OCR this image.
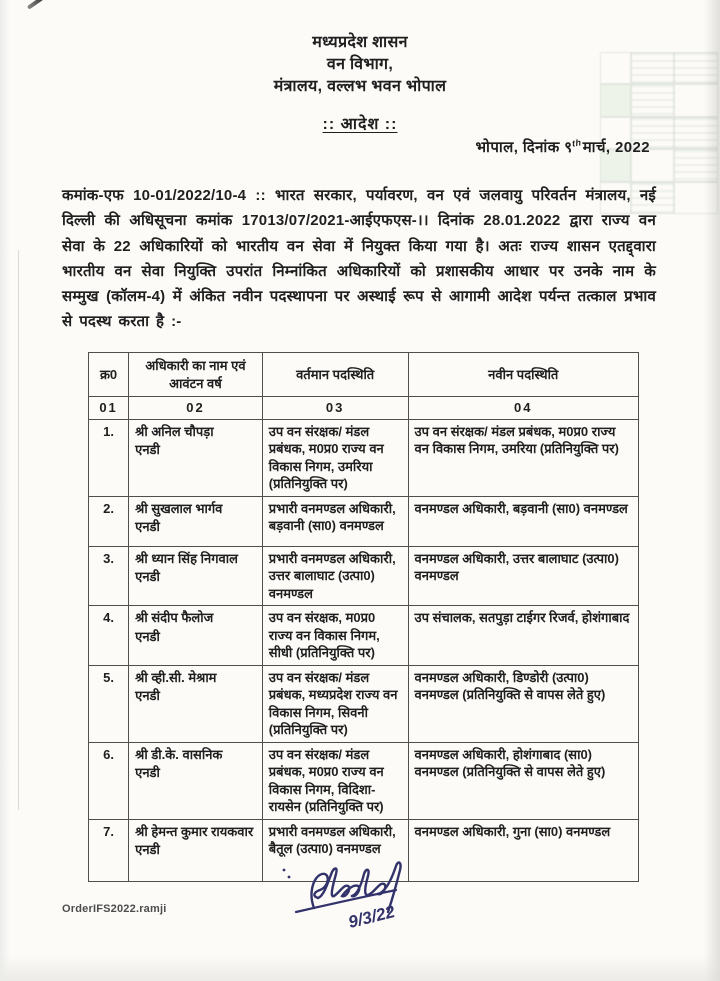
मध्यप्रदेश शासन
वन विभाग,
मंत्रालय, वल्लभ भवन भोपाल
:: आदेश ::
भोपाल, दिनांक ९thमार्च, 2022

कमांक-एफ 10-01/2022/10-4 :: भारत सरकार, पर्यावरण, वन एवं जलवायु परिवर्तन मंत्रालय, नई दिल्ली की अधिसूचना कमांक 17013/07/2021-आईएफएस-।। दिनांक 28.01.2022 द्वारा राज्य वन सेवा के 22 अधिकारियों को भारतीय वन सेवा में नियुक्त किया गया है। अतः राज्य शासन एतद्द्वारा भारतीय वन सेवा नियुक्ति उपरांत निम्नांकित अधिकारियों को प्रशासकीय आधार पर उनके नाम के सम्मुख (कॉलम-4) में अंकित नवीन पदस्थापना पर अस्थाई रूप से आगामी आदेश पर्यन्त तत्काल प्रभाव से पदस्थ करता है :-

क्र0	अधिकारी का नाम एवं आवंटन वर्ष	वर्तमान पदस्थिति	नवीन पदस्थिति
01	02	03	04
1.	श्री अनिल चौपड़ा
एनडी	उप वन संरक्षक/ मंडल प्रबंधक, म0प्र0 राज्य वन विकास निगम, उमरिया (प्रतिनियुक्ति पर)	उप वन संरक्षक/ मंडल प्रबंधक, म0प्र0 राज्य वन विकास निगम, उमरिया (प्रतिनियुक्ति पर)
2.	श्री सुखलाल भार्गव
एनडी	प्रभारी वनमण्डल अधिकारी, बड़वानी (सा0) वनमण्डल	वनमण्डल अधिकारी, बड़वानी (सा0) वनमण्डल
3.	श्री ध्यान सिंह निगवाल
एनडी	प्रभारी वनमण्डल अधिकारी, उत्तर बालाघाट (उत्पा0) वनमण्डल	वनमण्डल अधिकारी, उत्तर बालाघाट (उत्पा0) वनमण्डल
4.	श्री संदीप फैलोज
एनडी	उप वन संरक्षक, म0प्र0 राज्य वन विकास निगम, सीधी (प्रतिनियुक्ति पर)	उप संचालक, सतपुड़ा टाईगर रिजर्व, होशंगाबाद
5.	श्री व्ही.सी. मेश्राम
एनडी	उप वन संरक्षक/ मंडल प्रबंधक, मध्यप्रदेश राज्य वन विकास निगम, सिवनी (प्रतिनियुक्ति पर)	वनमण्डल अधिकारी, डिण्डोरी (उत्पा0) वनमण्डल (प्रतिनियुक्ति से वापस लेते हुए)
6.	श्री डी.के. वासनिक
एनडी	उप वन संरक्षक/ मंडल प्रबंधक, म0प्र0 राज्य वन विकास निगम, विदिशा-रायसेन (प्रतिनियुक्ति पर)	वनमण्डल अधिकारी, होशंगाबाद (सा0) वनमण्डल (प्रतिनियुक्ति से वापस लेते हुए)
7.	श्री हेमन्त कुमार रायकवार
एनडी	प्रभारी वनमण्डल अधिकारी, बैतूल (उत्पा0) वनमण्डल	वनमण्डल अधिकारी, गुना (सा0) वनमण्डल
9/3/22
OrderIFS2022.ramji
